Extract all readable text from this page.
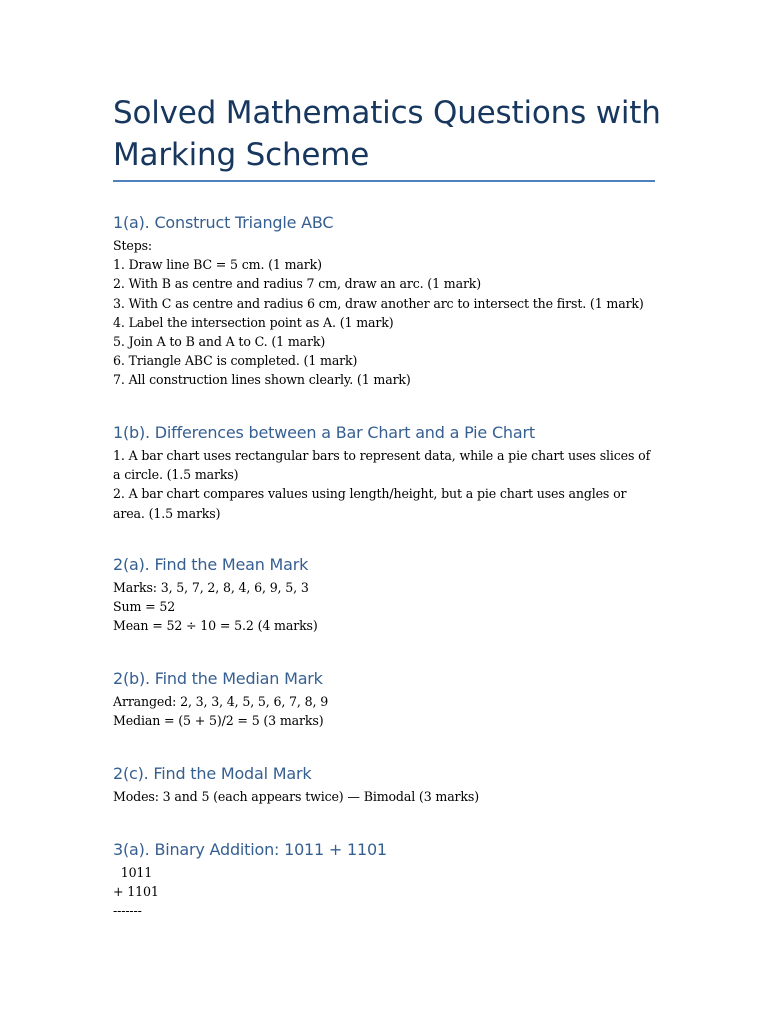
Solved Mathematics Questions with Marking Scheme
1(a). Construct Triangle ABC
Steps:
1. Draw line BC = 5 cm. (1 mark)
2. With B as centre and radius 7 cm, draw an arc. (1 mark)
3. With C as centre and radius 6 cm, draw another arc to intersect the first. (1 mark)
4. Label the intersection point as A. (1 mark)
5. Join A to B and A to C. (1 mark)
6. Triangle ABC is completed. (1 mark)
7. All construction lines shown clearly. (1 mark)
1(b). Differences between a Bar Chart and a Pie Chart
1. A bar chart uses rectangular bars to represent data, while a pie chart uses slices of a circle. (1.5 marks)
2. A bar chart compares values using length/height, but a pie chart uses angles or area. (1.5 marks)
2(a). Find the Mean Mark
Marks: 3, 5, 7, 2, 8, 4, 6, 9, 5, 3
Sum = 52
Mean = 52 ÷ 10 = 5.2 (4 marks)
2(b). Find the Median Mark
Arranged: 2, 3, 3, 4, 5, 5, 6, 7, 8, 9
Median = (5 + 5)/2 = 5 (3 marks)
2(c). Find the Modal Mark
Modes: 3 and 5 (each appears twice) — Bimodal (3 marks)
3(a). Binary Addition: 1011 + 1101
1011
+ 1101
-------
